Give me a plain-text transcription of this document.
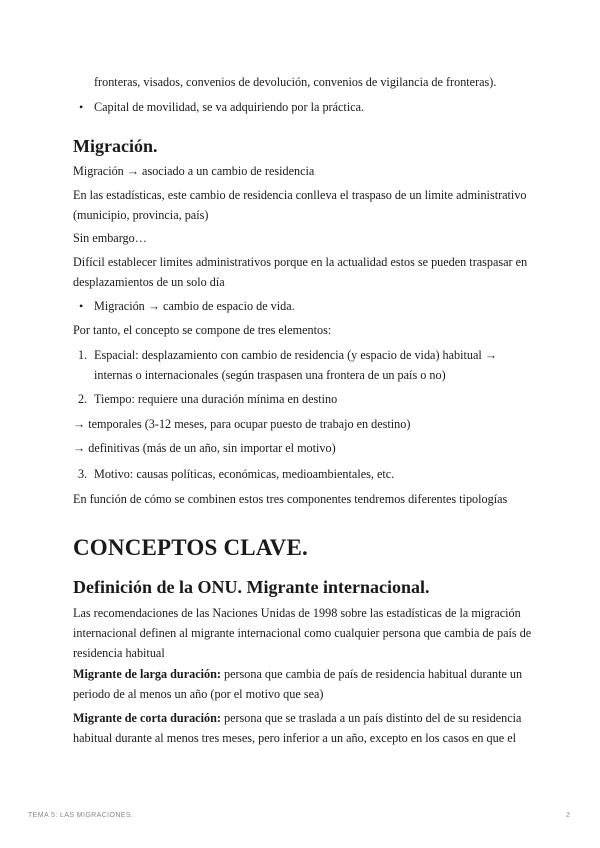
fronteras, visados, convenios de devolución, convenios de vigilancia de fronteras).

• Capital de movilidad, se va adquiriendo por la práctica.

Migración.

Migración → asociado a un cambio de residencia

En las estadísticas, este cambio de residencia conlleva el traspaso de un limite administrativo (municipio, provincia, país)

Sin embargo…

Difícil establecer limites administrativos porque en la actualidad estos se pueden traspasar en desplazamientos de un solo día

• Migración → cambio de espacio de vida.

Por tanto, el concepto se compone de tres elementos:

1. Espacial: desplazamiento con cambio de residencia (y espacio de vida) habitual → internas o internacionales (según traspasen una frontera de un país o no)

2. Tiempo: requiere una duración mínima en destino

→ temporales (3-12 meses, para ocupar puesto de trabajo en destino)

→ definitivas (más de un año, sin importar el motivo)

3. Motivo: causas políticas, económicas, medioambientales, etc.

En función de cómo se combinen estos tres componentes tendremos diferentes tipologías

CONCEPTOS CLAVE.
Definición de la ONU. Migrante internacional.

Las recomendaciones de las Naciones Unidas de 1998 sobre las estadísticas de la migración internacional definen al migrante internacional como cualquier persona que cambia de país de residencia habitual

Migrante de larga duración: persona que cambia de país de residencia habitual durante un periodo de al menos un año (por el motivo que sea)

Migrante de corta duración: persona que se traslada a un país distinto del de su residencia habitual durante al menos tres meses, pero inferior a un año, excepto en los casos en que el

TEMA 5: LAS MIGRACIONES.	2
